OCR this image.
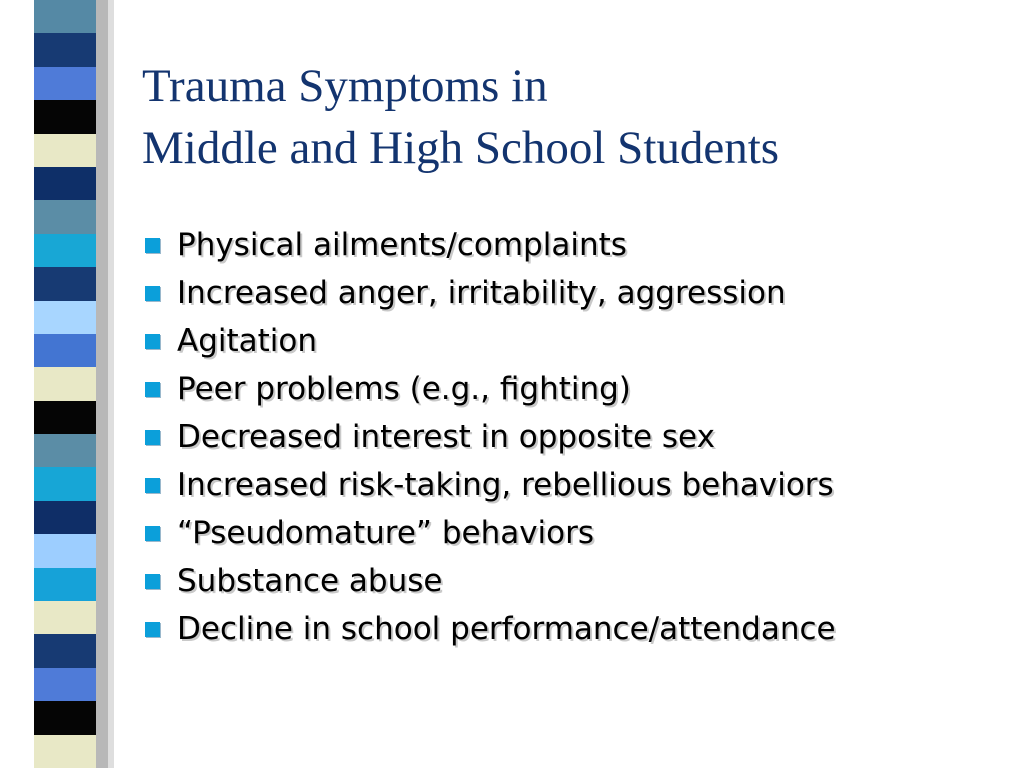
Trauma Symptoms in
Middle and High School Students
Physical ailments/complaints
Increased anger, irritability, aggression
Agitation
Peer problems (e.g., fighting)
Decreased interest in opposite sex
Increased risk-taking, rebellious behaviors
“Pseudomature” behaviors
Substance abuse
Decline in school performance/attendance
